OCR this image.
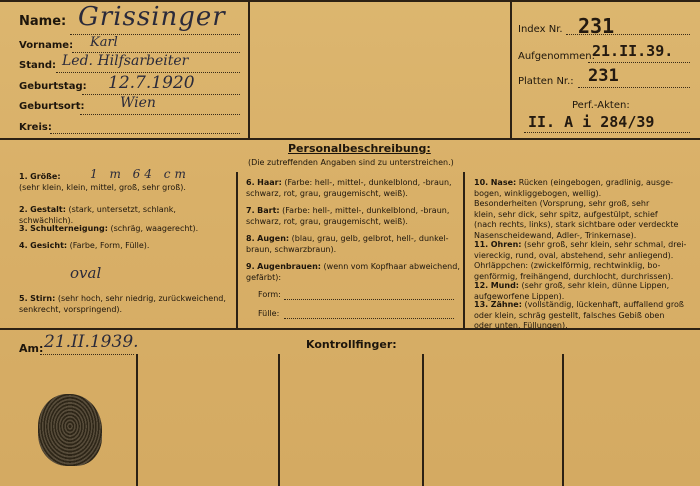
Name: Grissinger
Vorname: Karl
Stand: Led. Hilfsarbeiter
Geburtstag: 12.7.1920
Geburtsort:	Wien
Kreis:
Index Nr. 231
Aufgenommen:
21.II.39.
Platten Nr.: 231
Perf.-Akten:
II. A i 284/39
Personalbeschreibung:
(Die zutreffenden Angaben sind zu unterstreichen.)
1. Größe:
(sehr klein, klein, mittel, groß, sehr groß).
1 m 64 cm
2. Gestalt: (stark, untersetzt, schlank, schwächlich).
3. Schulterneigung: (schräg, waagerecht).
4. Gesicht: (Farbe, Form, Fülle).
oval
5. Stirn: (sehr hoch, sehr niedrig, zurückweichend,
senkrecht, vorspringend).
6. Haar: (Farbe: hell-, mittel-, dunkelblond, -braun,
schwarz, rot, grau, graugemischt, weiß).
7. Bart: (Farbe: hell-, mittel-, dunkelblond, -braun,
schwarz, rot, grau, graugemischt, weiß).
8. Augen: (blau, grau, gelb, gelbrot, hell-, dunkel-
braun, schwarzbraun).
9. Augenbrauen: (wenn vom Kopfhaar abweichend,
gefärbt):
Form:
Fülle:
10. Nase: Rücken (eingebogen, gradlinig, ausge-
bogen, winkliggebogen, wellig).
Besonderheiten (Vorsprung, sehr groß, sehr
klein, sehr dick, sehr spitz, aufgestülpt, schief
(nach rechts, links), stark sichtbare oder verdeckte
Nasenscheidewand, Adler-, Trinkernase).
11. Ohren: (sehr groß, sehr klein, sehr schmal, drei-
viereckig, rund, oval, abstehend, sehr anliegend).
Ohrläppchen: (zwickelförmig, rechtwinklig, bo-
genförmig, freihängend, durchlocht, durchrissen).
12. Mund: (sehr groß, sehr klein, dünne Lippen,
aufgeworfene Lippen).
13. Zähne: (vollständig, lückenhaft, auffallend groß
oder klein, schräg gestellt, falsches Gebiß oben
oder unten, Füllungen).
Am: 21.II.1939.	Kontrollfinger:
